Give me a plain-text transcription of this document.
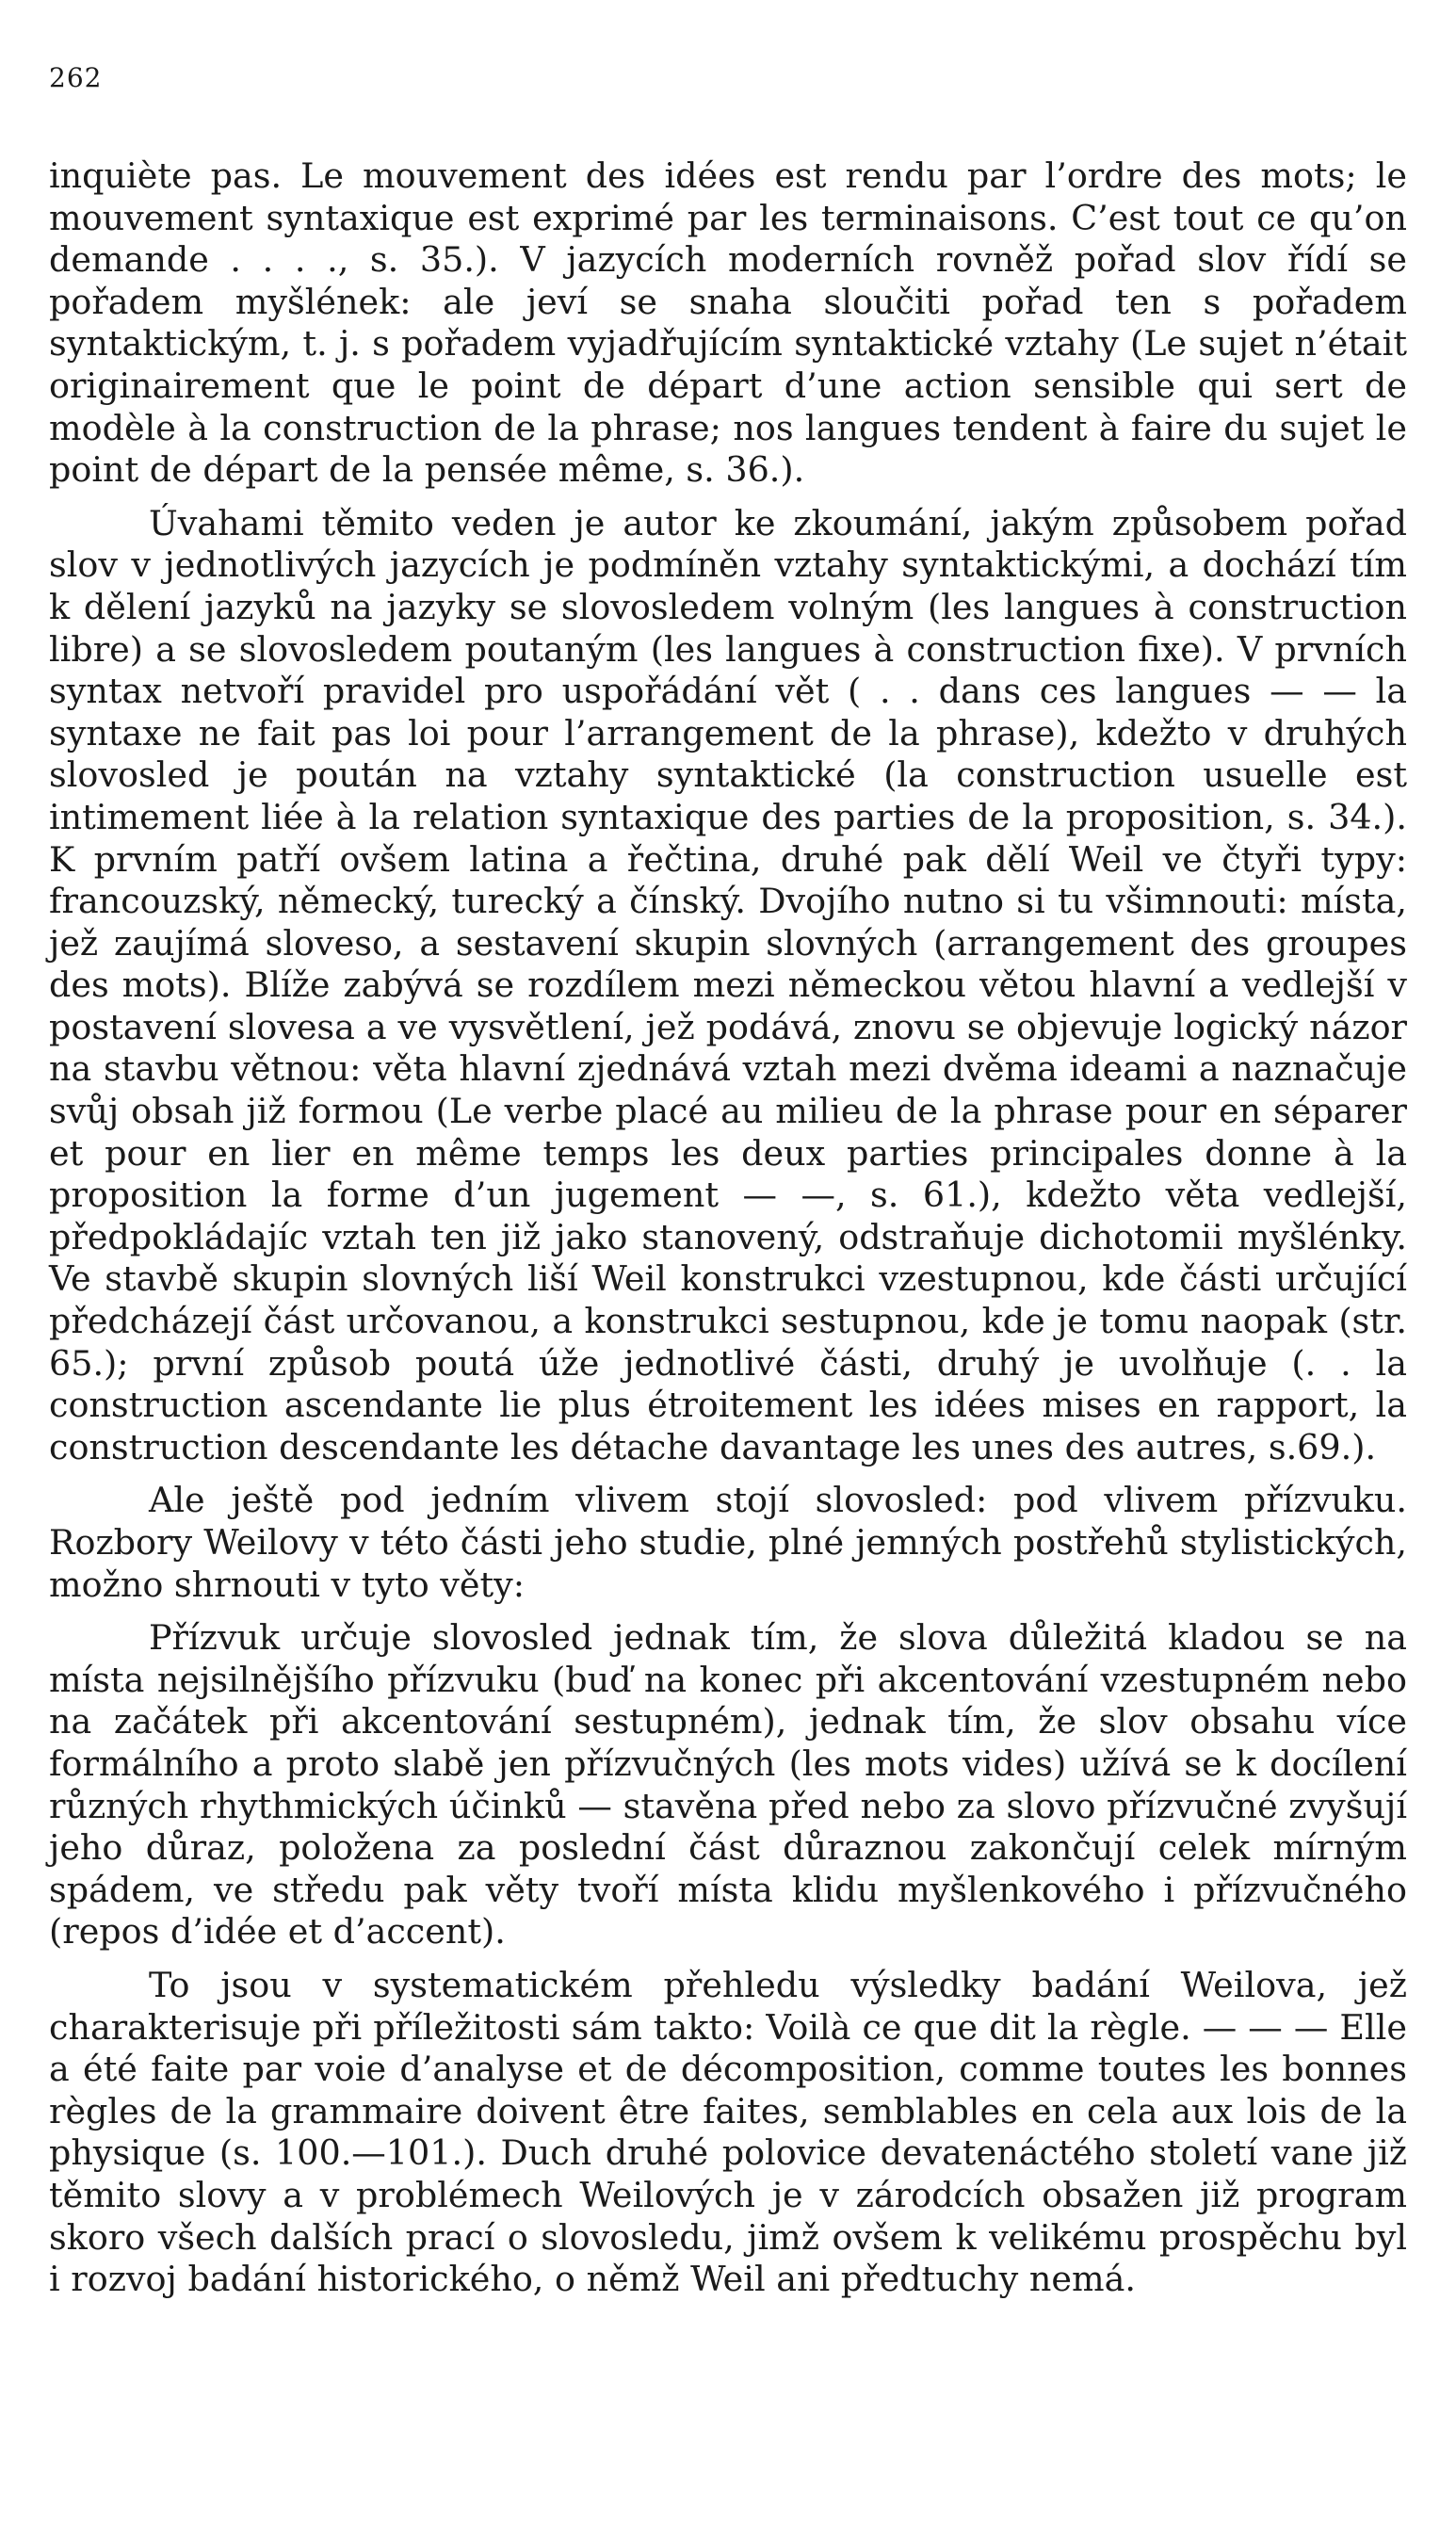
262

inquiète pas. Le mouvement des idées est rendu par l’ordre des mots; le mouvement syntaxique est exprimé par les terminaisons. C’est tout ce qu’on demande . . . ., s. 35.). V jazycích moderních rovněž pořad slov řídí se pořadem myšlének: ale jeví se snaha sloučiti pořad ten s pořadem syntaktickým, t. j. s pořadem vyjadřujícím syntaktické vztahy (Le sujet n’était originairement que le point de départ d’une action sensible qui sert de modèle à la construction de la phrase; nos langues tendent à faire du sujet le point de départ de la pensée même, s. 36.).

Úvahami těmito veden je autor ke zkoumání, jakým způsobem pořad slov v jednotlivých jazycích je podmíněn vztahy syntaktickými, a dochází tím k dělení jazyků na jazyky se slovosledem volným (les langues à construction libre) a se slovosledem poutaným (les langues à construction fixe). V prvních syntax netvoří pravidel pro uspořádání vět ( . . dans ces langues — — la syntaxe ne fait pas loi pour l’arrangement de la phrase), kdežto v druhých slovosled je poután na vztahy syntaktické (la construction usuelle est intimement liée à la relation syntaxique des parties de la proposition, s. 34.). K prvním patří ovšem latina a řečtina, druhé pak dělí Weil ve čtyři typy: francouzský, německý, turecký a čínský. Dvojího nutno si tu všimnouti: místa, jež zaujímá sloveso, a sestavení skupin slovných (arrangement des groupes des mots). Blíže zabývá se rozdílem mezi německou větou hlavní a vedlejší v postavení slovesa a ve vysvětlení, jež podává, znovu se objevuje logický názor na stavbu větnou: věta hlavní zjednává vztah mezi dvěma ideami a naznačuje svůj obsah již formou (Le verbe placé au milieu de la phrase pour en séparer et pour en lier en même temps les deux parties principales donne à la proposition la forme d’un jugement — —, s. 61.), kdežto věta vedlejší, předpokládajíc vztah ten již jako stanovený, odstraňuje dichotomii myšlénky. Ve stavbě skupin slovných liší Weil konstrukci vzestupnou, kde části určující předcházejí část určovanou, a konstrukci sestupnou, kde je tomu naopak (str. 65.); první způsob poutá úže jednotlivé části, druhý je uvolňuje (. . la construction ascendante lie plus étroitement les idées mises en rapport, la construction descendante les détache davantage les unes des autres, s.69.).

Ale ještě pod jedním vlivem stojí slovosled: pod vlivem přízvuku. Rozbory Weilovy v této části jeho studie, plné jemných postřehů stylistických, možno shrnouti v tyto věty:

Přízvuk určuje slovosled jednak tím, že slova důležitá kladou se na místa nejsilnějšího přízvuku (buď na konec při akcentování vzestupném nebo na začátek při akcentování sestupném), jednak tím, že slov obsahu více formálního a proto slabě jen přízvučných (les mots vides) užívá se k docílení různých rhythmických účinků — stavěna před nebo za slovo přízvučné zvyšují jeho důraz, položena za poslední část důraznou zakončují celek mírným spádem, ve středu pak věty tvoří místa klidu myšlenkového i přízvučného (repos d’idée et d’accent).

To jsou v systematickém přehledu výsledky badání Weilova, jež charakterisuje při příležitosti sám takto: Voilà ce que dit la règle. — — — Elle a été faite par voie d’analyse et de décomposition, comme toutes les bonnes règles de la grammaire doivent être faites, semblables en cela aux lois de la physique (s. 100.—101.). Duch druhé polovice devatenáctého století vane již těmito slovy a v problémech Weilových je v zárodcích obsažen již program skoro všech dalších prací o slovosledu, jimž ovšem k velikému prospěchu byl i rozvoj badání historického, o němž Weil ani předtuchy nemá.
